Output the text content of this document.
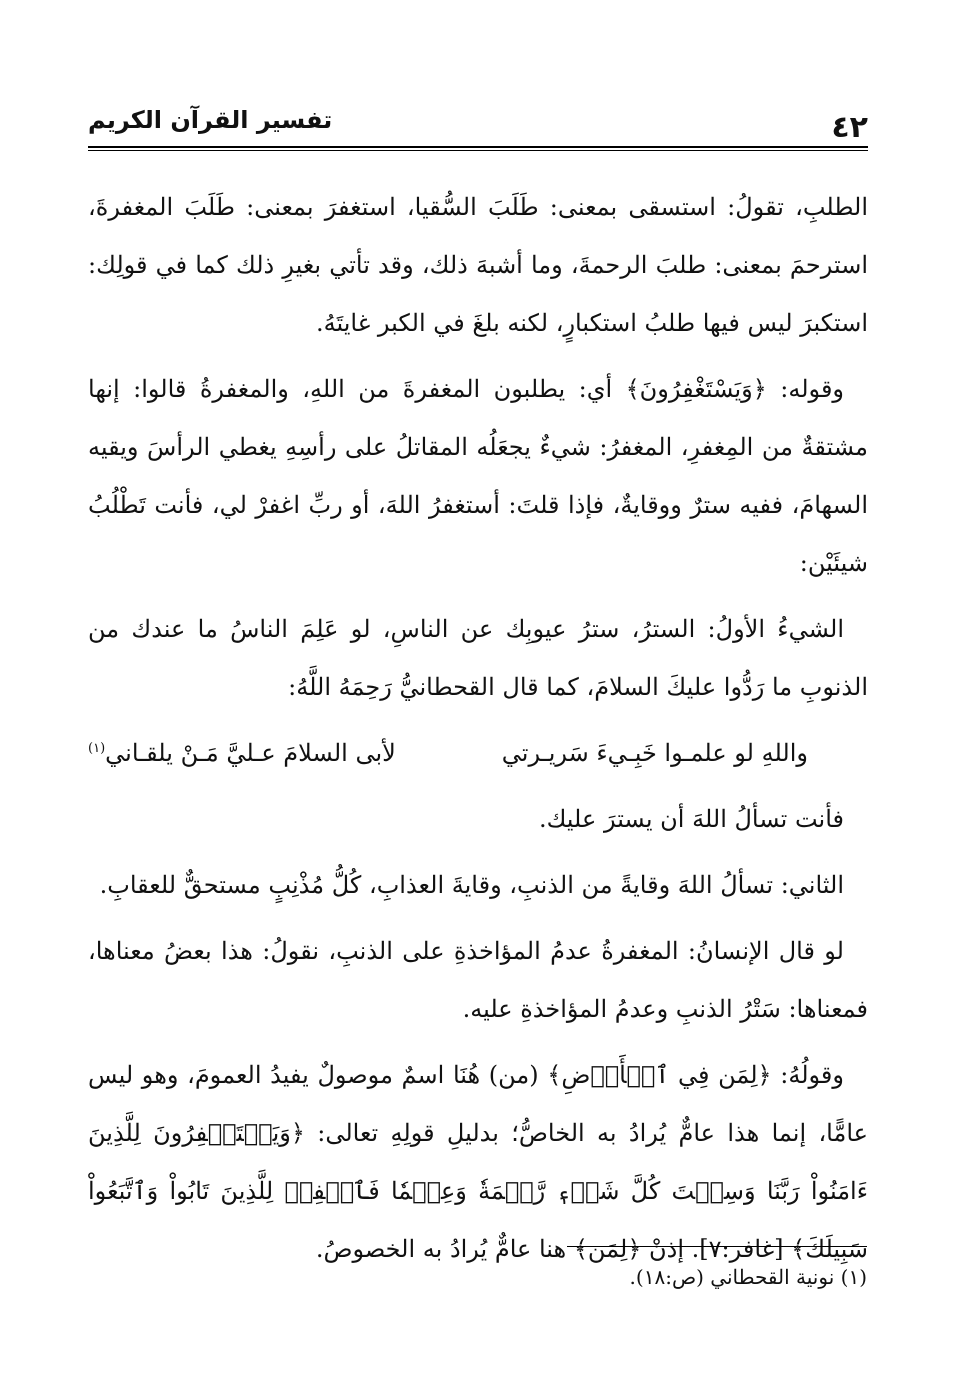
٤٢
تفسير القرآن الكريم

الطلبِ، تقولُ: استسقى بمعنى: طَلَبَ السُّقيا، استغفرَ بمعنى: طَلَبَ المغفرةَ، استرحمَ بمعنى: طلبَ الرحمةَ، وما أشبهَ ذلك، وقد تأتي بغيرِ ذلك كما في قولِك: استكبرَ ليس فيها طلبُ استكبارٍ، لكنه بلغَ في الكبر غايتَهُ.

وقوله: ﴿وَيَسْتَغْفِرُونَ﴾ أي: يطلبون المغفرةَ من اللهِ، والمغفرةُ قالوا: إنها مشتقةٌ من المِغفرِ، المغفرُ: شيءٌ يجعَلُه المقاتلُ على رأسِهِ يغطي الرأسَ ويقيه السهامَ، ففيه سترٌ ووقايةٌ، فإذا قلتَ: أستغفرُ اللهَ، أو ربِّ اغفرْ لي، فأنت تَطْلُبُ شيئَيْن:

الشيءُ الأولُ: السترُ، سترُ عيوبِك عن الناسِ، لو عَلِمَ الناسُ ما عندك من الذنوبِ ما رَدُّوا عليكَ السلامَ، كما قال القحطانيُّ رَحِمَهُ اللَّهُ:

واللهِ لو علمـوا خَبِـيءَ سَريـرتي
لأبى السلامَ عـليَّ مَـنْ يلقـاني$^{(١)}$

فأنت تسألُ اللهَ أن يسترَ عليك.

الثاني: تسألُ اللهَ وقايةً من الذنبِ، وقايةَ العذابِ، كُلُّ مُذْنِبٍ مستحقٌّ للعقابِ.

لو قال الإنسانُ: المغفرةُ عدمُ المؤاخذةِ على الذنبِ، نقولُ: هذا بعضُ معناها، فمعناها: سَتْرُ الذنبِ وعدمُ المؤاخذةِ عليه.

وقولُهُ: ﴿لِمَن فِي ٱلۡأَرۡضِ﴾ (من) هُنَا اسمٌ موصولٌ يفيدُ العمومَ، وهو ليس عامًّا، إنما هذا عامٌّ يُرادُ به الخاصُّ؛ بدليلِ قولِهِ تعالى: ﴿وَيَسۡتَغۡفِرُونَ لِلَّذِينَ ءَامَنُواْ رَبَّنَا وَسِعۡتَ كُلَّ شَيۡءٖ رَّحۡمَةٗ وَعِلۡمٗا فَٱغۡفِرۡ لِلَّذِينَ تَابُواْ وَٱتَّبَعُواْ سَبِيلَكَ﴾ [غافر:٧]. إذنْ ﴿لِمَن﴾ هنا عامٌّ يُرادُ به الخصوصُ.

(١) نونية القحطاني (ص:١٨).
